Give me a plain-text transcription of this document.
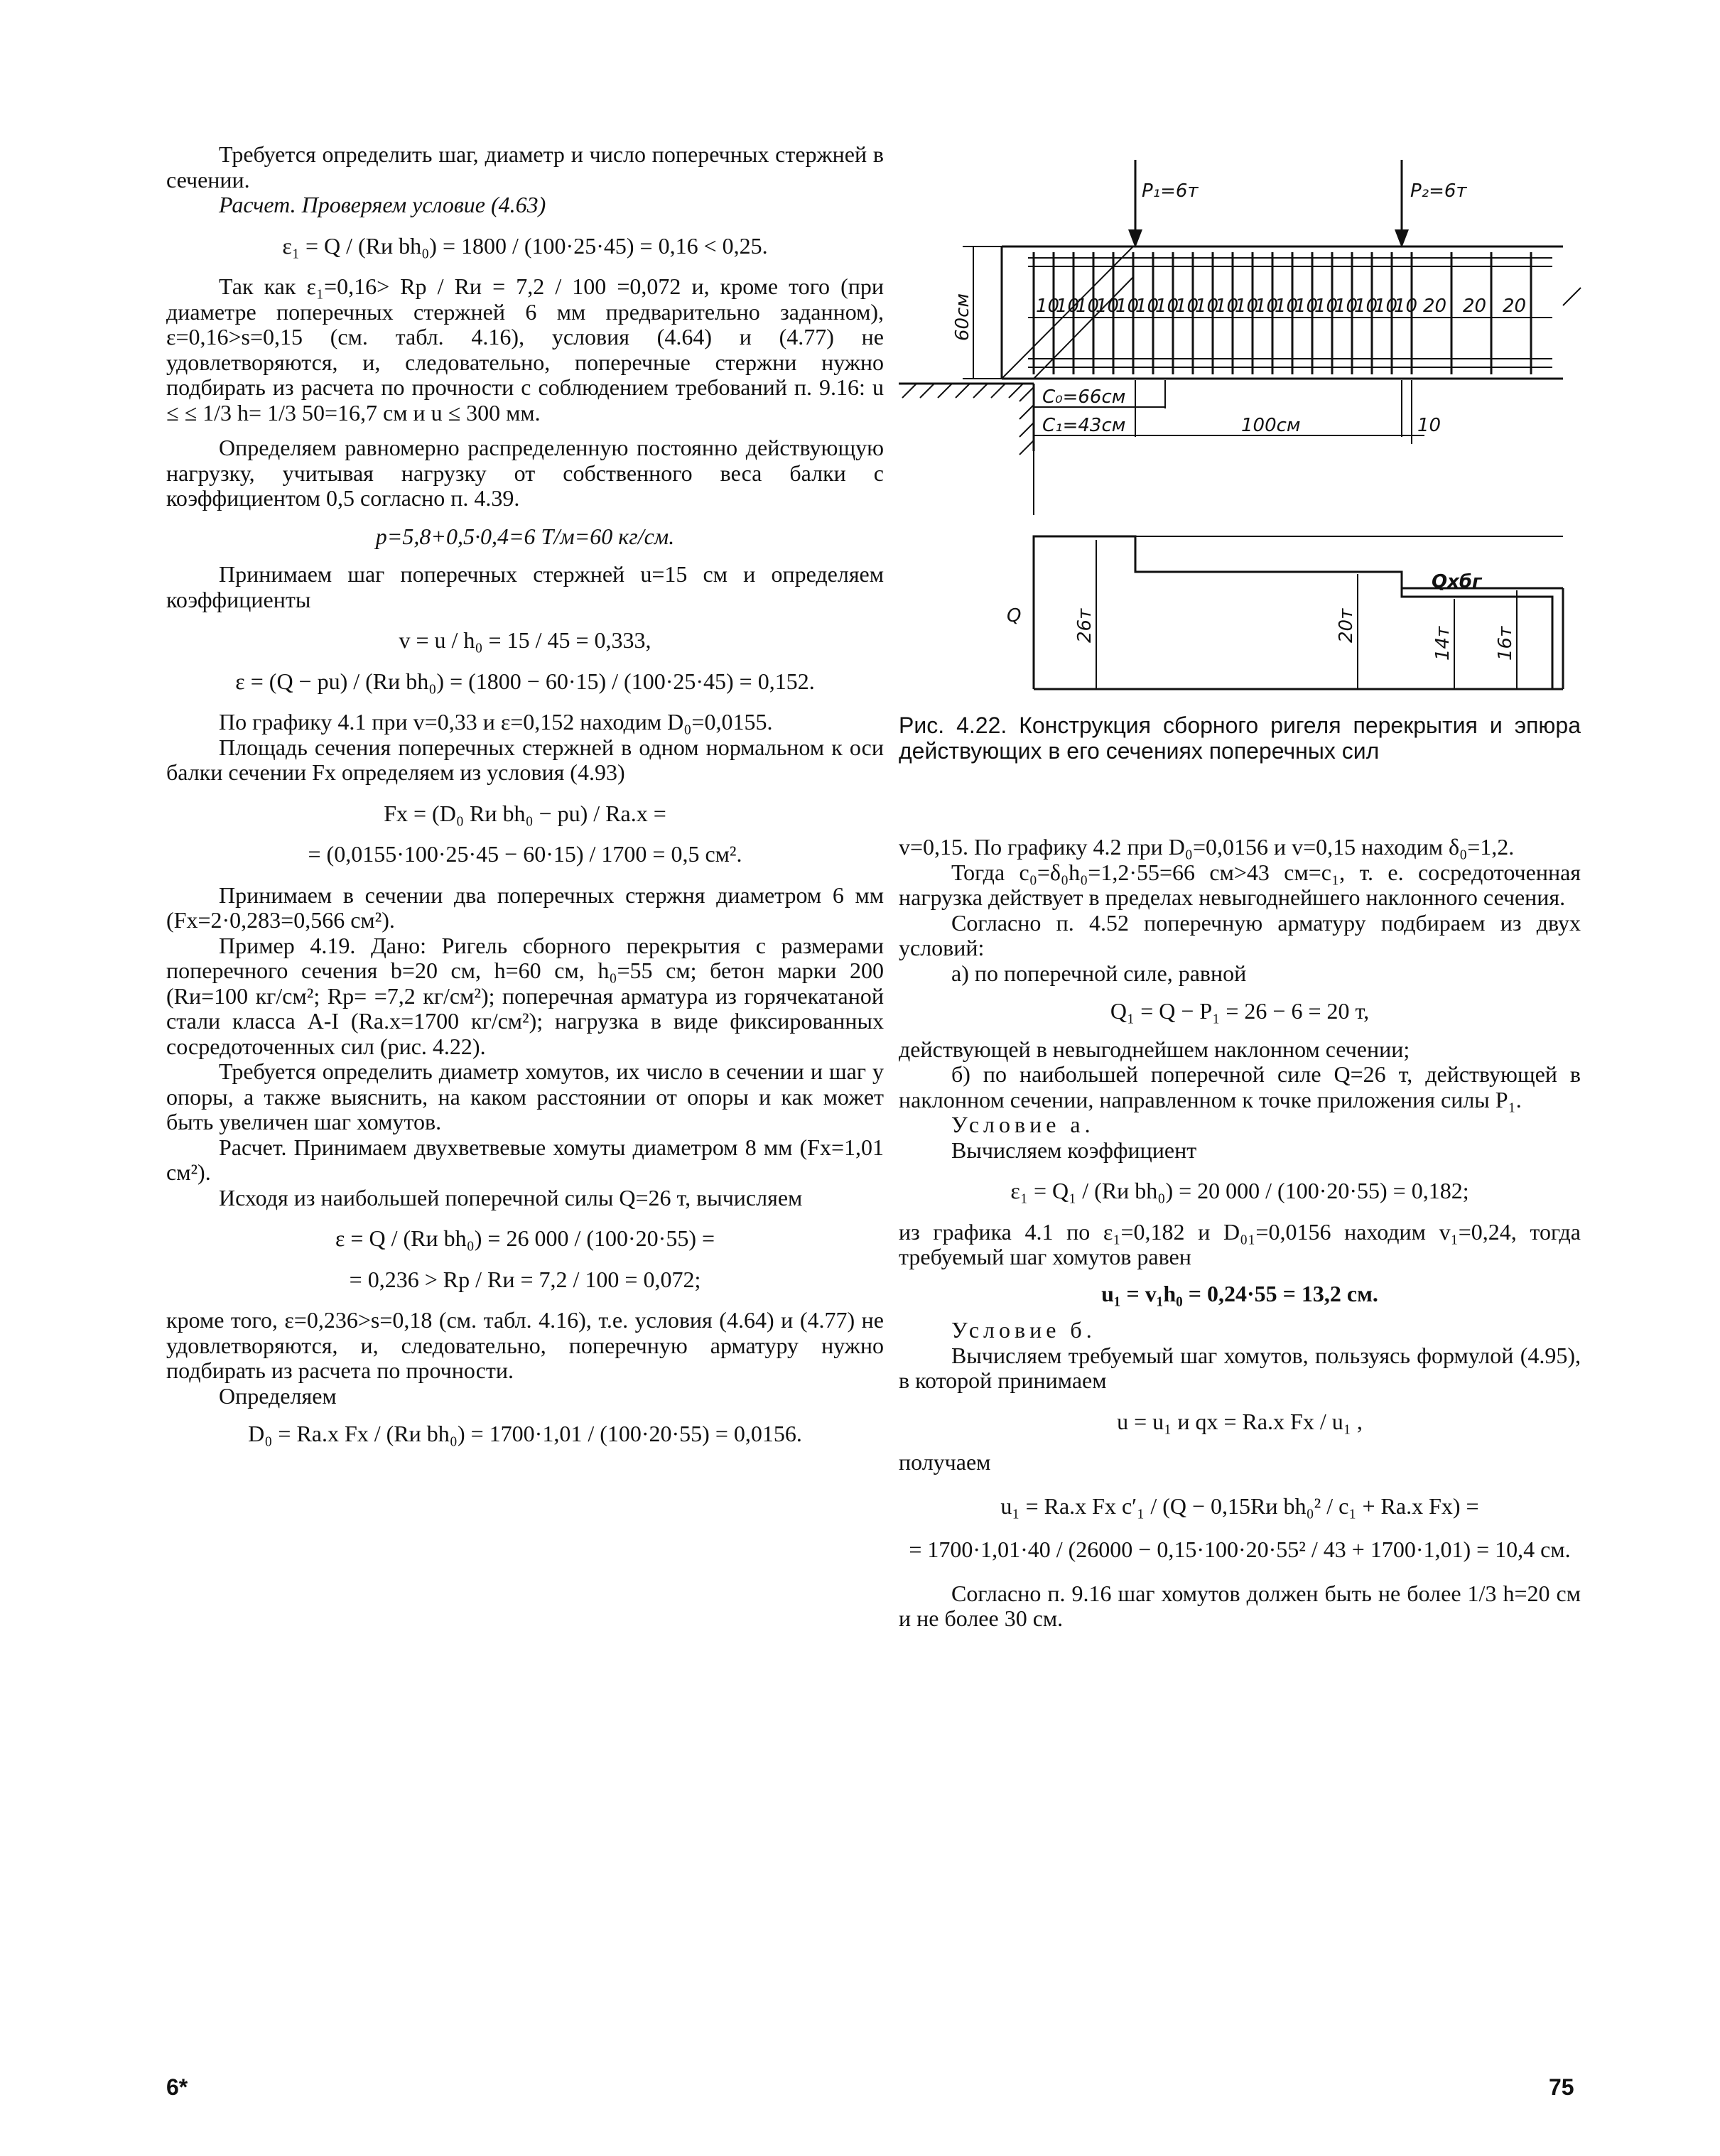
P₁=6т	P₂=6т
10
10
10
10
10
10
10
10
10
10
10
10
10
10
10
10
10
10
10 20 20 20
60см
C₀=66см
C₁=43см	100см	10
Q
Qxбг
26т	20т
14т 16т
Рис. 4.22. Конструкция сборного ригеля перекрытия и эпюра действующих в его сечениях поперечных сил

Требуется определить шаг, диаметр и число поперечных стержней в сечении.

Расчет. Проверяем условие (4.63)

ε₁ = Q / (Rи bh₀) = 1800 / (100·25·45) = 0,16 < 0,25.

Так как ε₁=0,16> Rр / Rи = 7,2 / 100 =0,072 и, кроме того (при диаметре поперечных стержней 6 мм предварительно заданном), ε=0,16>s=0,15 (см. табл. 4.16), условия (4.64) и (4.77) не удовлетворяются, и, следовательно, поперечные стержни нужно подбирать из расчета по прочности с соблюдением требований п. 9.16: u ≤ ≤ 1/3 h= 1/3 50=16,7 см и u ≤ 300 мм.

Определяем равномерно распределенную постоянно действующую нагрузку, учитывая нагрузку от собственного веса балки с коэффициентом 0,5 согласно п. 4.39.

p=5,8+0,5·0,4=6 Т/м=60 кг/см.

Принимаем шаг поперечных стержней u=15 см и определяем коэффициенты

v = u / h₀ = 15 / 45 = 0,333,

ε = (Q − pu) / (Rи bh₀) = (1800 − 60·15) / (100·25·45) = 0,152.

По графику 4.1 при v=0,33 и ε=0,152 находим D₀=0,0155.

Площадь сечения поперечных стержней в одном нормальном к оси балки сечении Fx определяем из условия (4.93)

Fx = (D₀ Rи bh₀ − pu) / Ra.x =

= (0,0155·100·25·45 − 60·15) / 1700 = 0,5 см².

Принимаем в сечении два поперечных стержня диаметром 6 мм (Fx=2·0,283=0,566 см²).

Пример 4.19. Дано: Ригель сборного перекрытия с размерами поперечного сечения b=20 см, h=60 см, h₀=55 см; бетон марки 200 (Rи=100 кг/см²; Rр= =7,2 кг/см²); поперечная арматура из горячекатаной стали класса A-I (Ra.x=1700 кг/см²); нагрузка в виде фиксированных сосредоточенных сил (рис. 4.22).

Требуется определить диаметр хомутов, их число в сечении и шаг у опоры, а также выяснить, на каком расстоянии от опоры и как может быть увеличен шаг хомутов.

Расчет. Принимаем двухветвевые хомуты диаметром 8 мм (Fx=1,01 см²).

Исходя из наибольшей поперечной силы Q=26 т, вычисляем

ε = Q / (Rи bh₀) = 26 000 / (100·20·55) =

= 0,236 > Rр / Rи = 7,2 / 100 = 0,072;

кроме того, ε=0,236>s=0,18 (см. табл. 4.16), т.е. условия (4.64) и (4.77) не удовлетворяются, и, следовательно, поперечную арматуру нужно подбирать из расчета по прочности.

Определяем

D₀ = Ra.x Fx / (Rи bh₀) = 1700·1,01 / (100·20·55) = 0,0156.

v=0,15. По графику 4.2 при D₀=0,0156 и v=0,15 находим δ₀=1,2.

Тогда c₀=δ₀h₀=1,2·55=66 см>43 см=c₁, т. е. сосредоточенная нагрузка действует в пределах невыгоднейшего наклонного сечения.

Согласно п. 4.52 поперечную арматуру подбираем из двух условий:

а) по поперечной силе, равной

Q₁ = Q − P₁ = 26 − 6 = 20 т,

действующей в невыгоднейшем наклонном сечении;

б) по наибольшей поперечной силе Q=26 т, действующей в наклонном сечении, направленном к точке приложения силы P₁.

Условие а.

Вычисляем коэффициент

ε₁ = Q₁ / (Rи bh₀) = 20 000 / (100·20·55) = 0,182;

из графика 4.1 по ε₁=0,182 и D₀₁=0,0156 находим v₁=0,24, тогда требуемый шаг хомутов равен

u₁ = v₁h₀ = 0,24·55 = 13,2 см.

Условие б.

Вычисляем требуемый шаг хомутов, пользуясь формулой (4.95), в которой принимаем

u = u₁ и qx = Ra.x Fx / u₁ ,

получаем

u₁ = Ra.x Fx c′₁ / (Q − 0,15Rи bh₀² / c₁ + Ra.x Fx) =

= 1700·1,01·40 / (26000 − 0,15·100·20·55² / 43 + 1700·1,01) = 10,4 см.

Согласно п. 9.16 шаг хомутов должен быть не более 1/3 h=20 см и не более 30 см.

6*	75
